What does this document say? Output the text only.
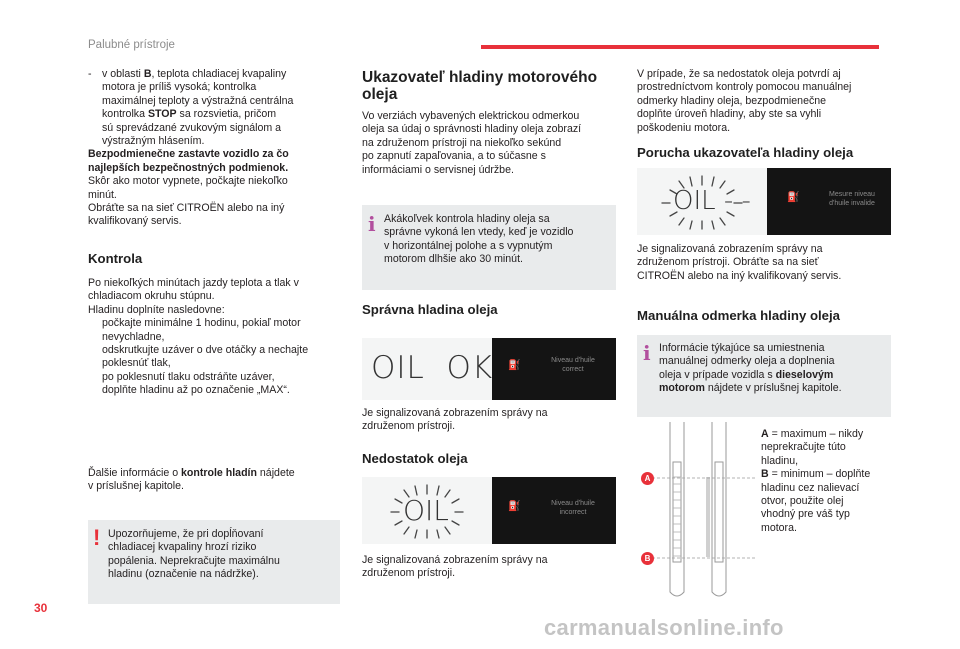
Palubné prístroje
- v oblasti B, teplota chladiacej kvapaliny
motora je príliš vysoká; kontrolka
maximálnej teploty a výstražná centrálna
kontrolka STOP sa rozsvietia, pričom
sú sprevádzané zvukovým signálom a
výstražným hlásením.
Bezpodmienečne zastavte vozidlo za čo
najlepších bezpečnostných podmienok.
Skôr ako motor vypnete, počkajte niekoľko
minút.
Obráťte sa na sieť CITROËN alebo na iný
kvalifikovaný servis.
Kontrola
Po niekoľkých minútach jazdy teplota a tlak v
chladiacom okruhu stúpnu.
Hladinu doplníte nasledovne:
počkajte minimálne 1 hodinu, pokiaľ motor
nevychladne,
odskrutkujte uzáver o dve otáčky a nechajte
poklesnúť tlak,
po poklesnutí tlaku odstráňte uzáver,
doplňte hladinu až po označenie „MAX“.
Ďalšie informácie o kontrole hladín nájdete
v príslušnej kapitole.
! Upozorňujeme, že pri dopĺňovaní
chladiacej kvapaliny hrozí riziko
popálenia. Neprekračujte maximálnu
hladinu (označenie na nádržke).
30
Ukazovateľ hladiny motorového
oleja
Vo verziách vybavených elektrickou odmerkou
oleja sa údaj o správnosti hladiny oleja zobrazí
na združenom prístroji na niekoľko sekúnd
po zapnutí zapaľovania, a to súčasne s
informáciami o servisnej údržbe.
i Akákoľvek kontrola hladiny oleja sa
správne vykoná len vtedy, keď je vozidlo
v horizontálnej polohe a s vypnutým
motorom dlhšie ako 30 minút.
Správna hladina oleja
OIL  OK ⛽	Niveau d'huile
correct
Je signalizovaná zobrazením správy na
združenom prístroji.
Nedostatok oleja
OIL	⛽	Niveau d'huile
incorrect
Je signalizovaná zobrazením správy na
združenom prístroji.
V prípade, že sa nedostatok oleja potvrdí aj
prostredníctvom kontroly pomocou manuálnej
odmerky hladiny oleja, bezpodmienečne
doplňte úroveň hladiny, aby ste sa vyhli
poškodeniu motora.
Porucha ukazovateľa hladiny oleja
OIL - -	⛽	Mesure niveau
d'huile invalide
Je signalizovaná zobrazením správy na
združenom prístroji. Obráťte sa na sieť
CITROËN alebo na iný kvalifikovaný servis.
Manuálna odmerka hladiny oleja
i Informácie týkajúce sa umiestnenia
manuálnej odmerky oleja a doplnenia
oleja v prípade vozidla s dieselovým
motorom nájdete v príslušnej kapitole.
A
B
A = maximum – nikdy
neprekračujte túto
hladinu,
B = minimum – doplňte
hladinu cez nalievací
otvor, použite olej
vhodný pre váš typ
motora.
carmanualsonline.info
